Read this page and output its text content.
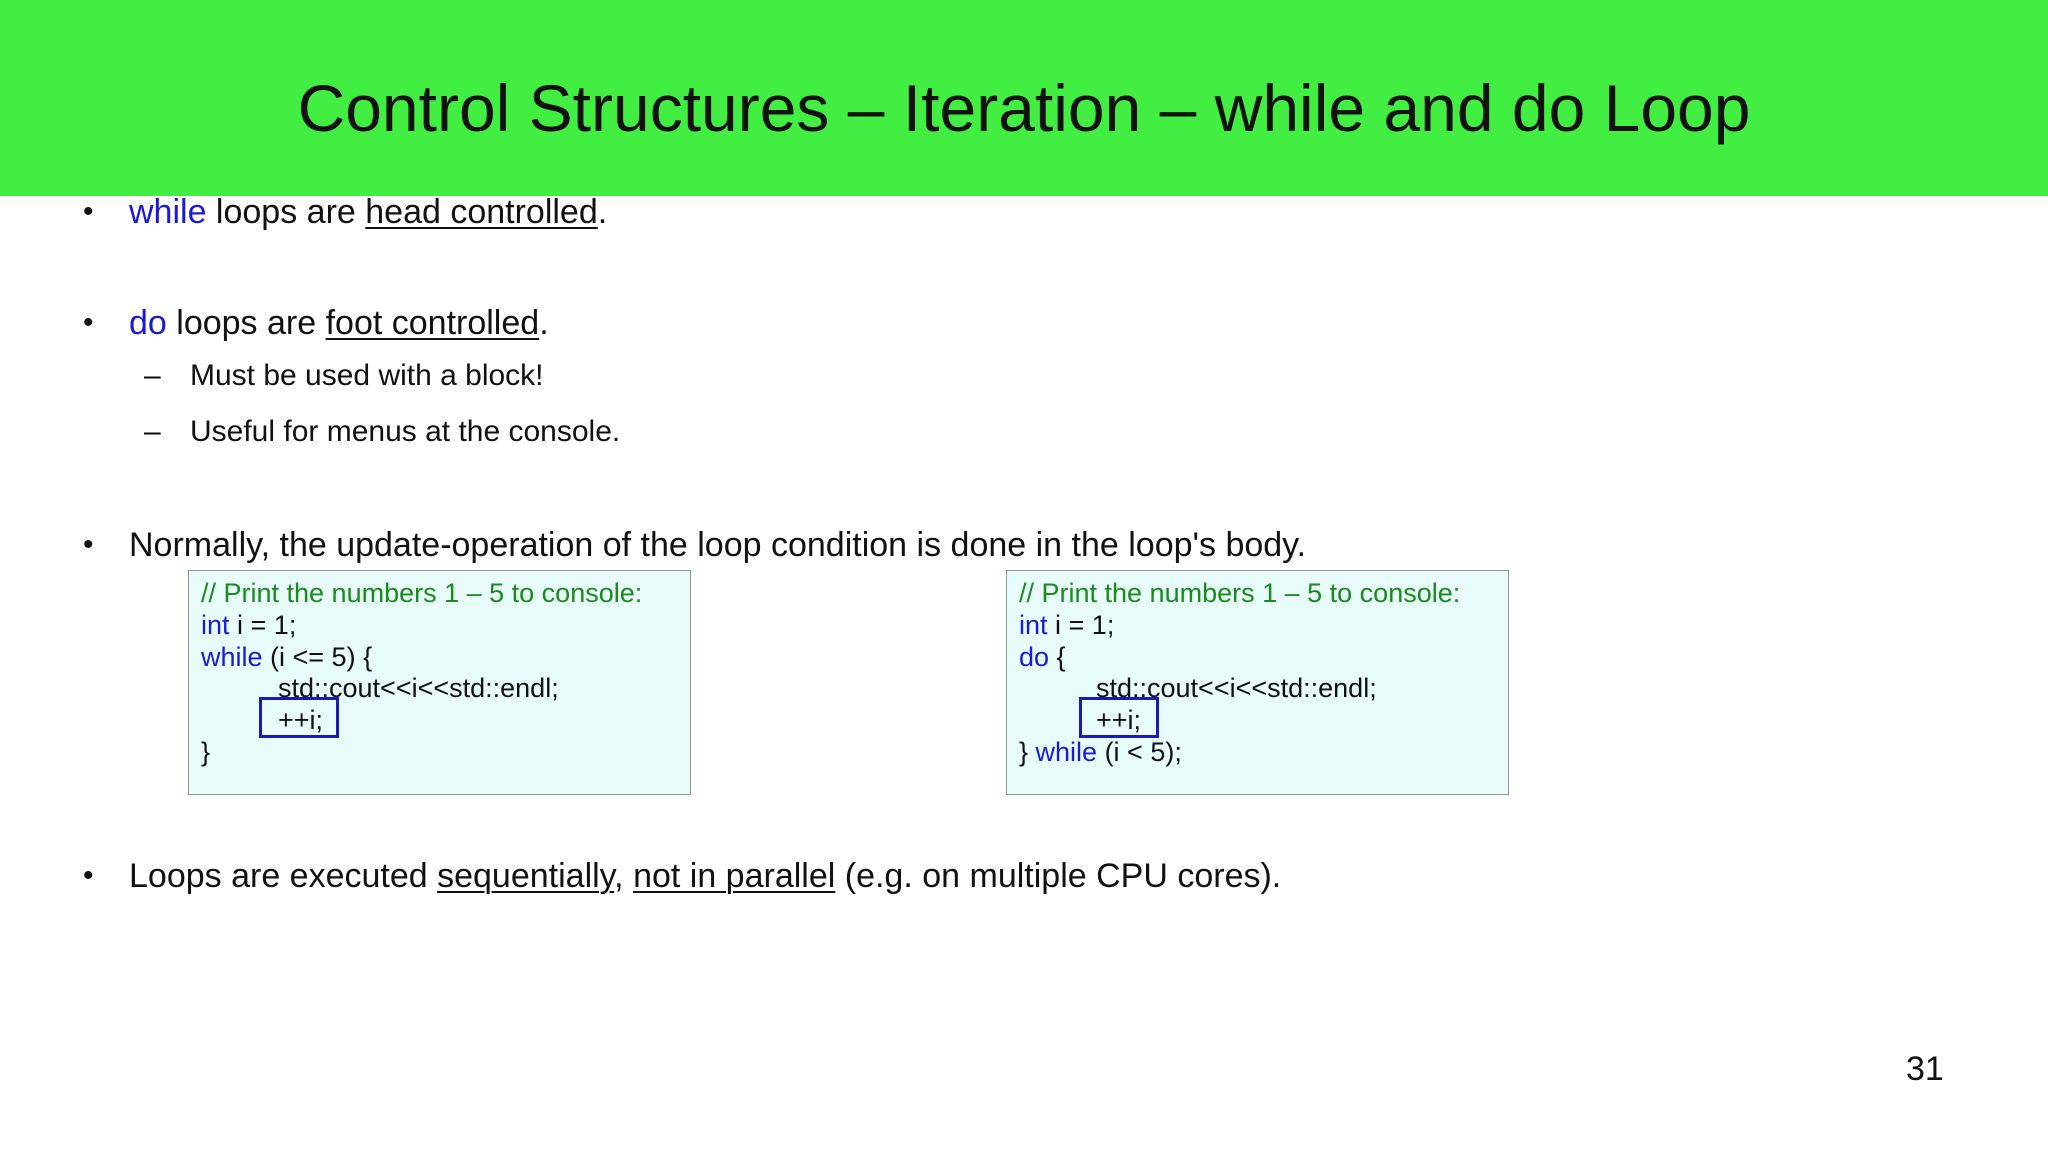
Control Structures – Iteration – while and do Loop
• while loops are head controlled.
• do loops are foot controlled.
– Must be used with a block!
– Useful for menus at the console.
• Normally, the update-operation of the loop condition is done in the loop's body.
// Print the numbers 1 – 5 to console:
int i = 1;
while (i <= 5) {
std::cout<<i<<std::endl;
++i;
}
// Print the numbers 1 – 5 to console:
int i = 1;
do {
std::cout<<i<<std::endl;
++i;
} while (i < 5);
• Loops are executed sequentially, not in parallel (e.g. on multiple CPU cores).
31
